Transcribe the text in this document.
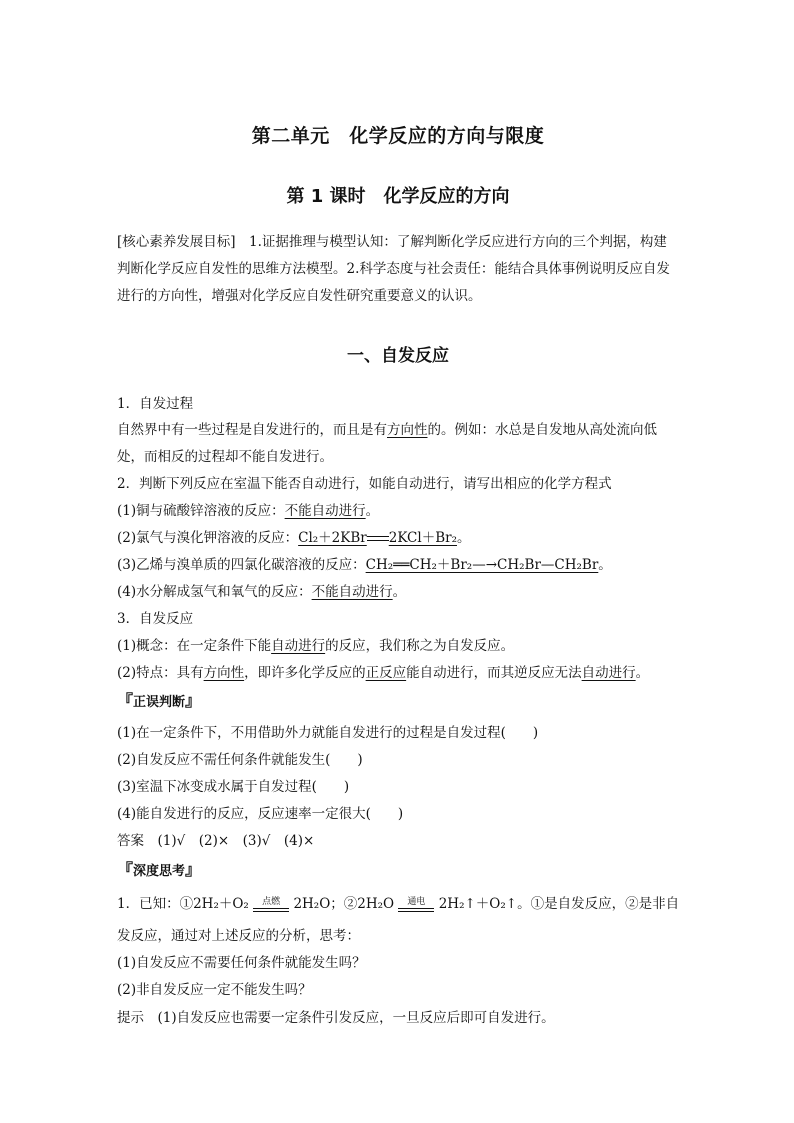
第二单元　化学反应的方向与限度
第 1 课时　化学反应的方向
[核心素养发展目标]　1.证据推理与模型认知：了解判断化学反应进行方向的三个判据，构建判断化学反应自发性的思维方法模型。2.科学态度与社会责任：能结合具体事例说明反应自发进行的方向性，增强对化学反应自发性研究重要意义的认识。
一、自发反应
1．自发过程
自然界中有一些过程是自发进行的，而且是有方向性的。例如：水总是自发地从高处流向低
处，而相反的过程却不能自发进行。
2．判断下列反应在室温下能否自动进行，如能自动进行，请写出相应的化学方程式
(1)铜与硫酸锌溶液的反应：不能自动进行。
(2)氯气与溴化钾溶液的反应：Cl₂＋2KBr 2KCl＋Br₂。
(3)乙烯与溴单质的四氯化碳溶液的反应：CH₂══CH₂＋Br₂—→CH₂Br—CH₂Br。
(4)水分解成氢气和氧气的反应：不能自动进行。
3．自发反应
(1)概念：在一定条件下能自动进行的反应，我们称之为自发反应。
(2)特点：具有方向性，即许多化学反应的正反应能自动进行，而其逆反应无法自动进行。
『正误判断』
(1)在一定条件下，不用借助外力就能自发进行的过程是自发过程(　　)
(2)自发反应不需任何条件就能发生(　　)
(3)室温下冰变成水属于自发过程(　　)
(4)能自发进行的反应，反应速率一定很大(　　)
答案　(1)√　(2)×　(3)√　(4)×
『深度思考』
1．已知：①2H₂＋O₂	点燃 2H₂O；②2H₂O	通电 2H₂↑＋O₂↑。①是自发反应，②是非自
发反应，通过对上述反应的分析，思考：
(1)自发反应不需要任何条件就能发生吗？
(2)非自发反应一定不能发生吗？
提示　(1)自发反应也需要一定条件引发反应，一旦反应后即可自发进行。
